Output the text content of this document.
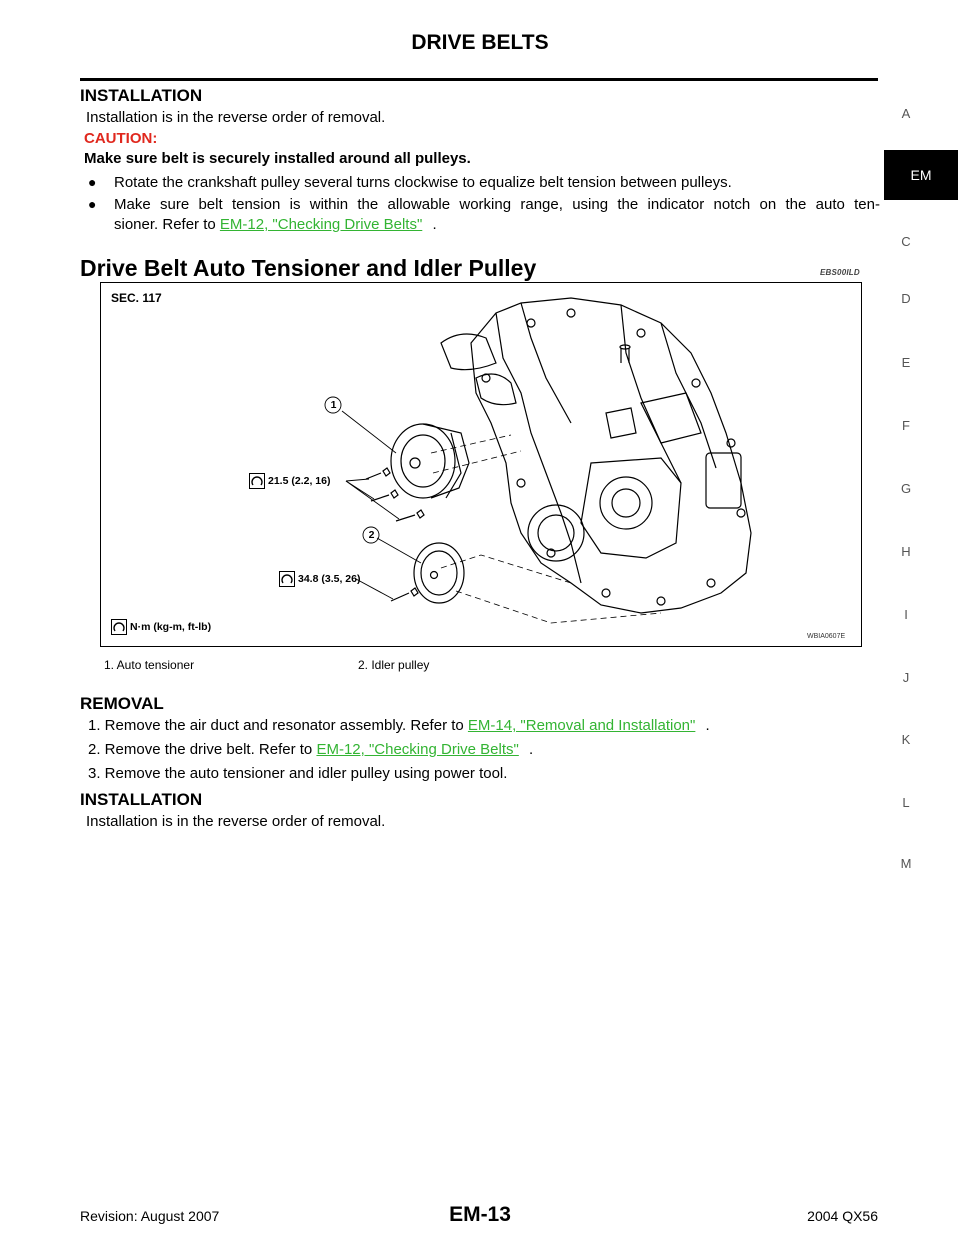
DRIVE BELTS
INSTALLATION
Installation is in the reverse order of removal.
CAUTION:
Make sure belt is securely installed around all pulleys.
● Rotate the crankshaft pulley several turns clockwise to equalize belt tension between pulleys.
● Make sure belt tension is within the allowable working range, using the indicator notch on the auto ten-
sioner. Refer to EM-12, "Checking Drive Belts" .
Drive Belt Auto Tensioner and Idler Pulley	EBS00ILD
SEC. 117
1
2
21.5 (2.2, 16)
34.8 (3.5, 26)
N·m (kg-m, ft-lb)
WBIA0607E
1. Auto tensioner	2. Idler pulley
REMOVAL
1. Remove the air duct and resonator assembly. Refer to EM-14, "Removal and Installation" .
2. Remove the drive belt. Refer to EM-12, "Checking Drive Belts" .
3. Remove the auto tensioner and idler pulley using power tool.
INSTALLATION
Installation is in the reverse order of removal.
A
EM
C
D
E
F
G
H
I
J
K
L
M
Revision: August 2007	EM-13	2004 QX56
